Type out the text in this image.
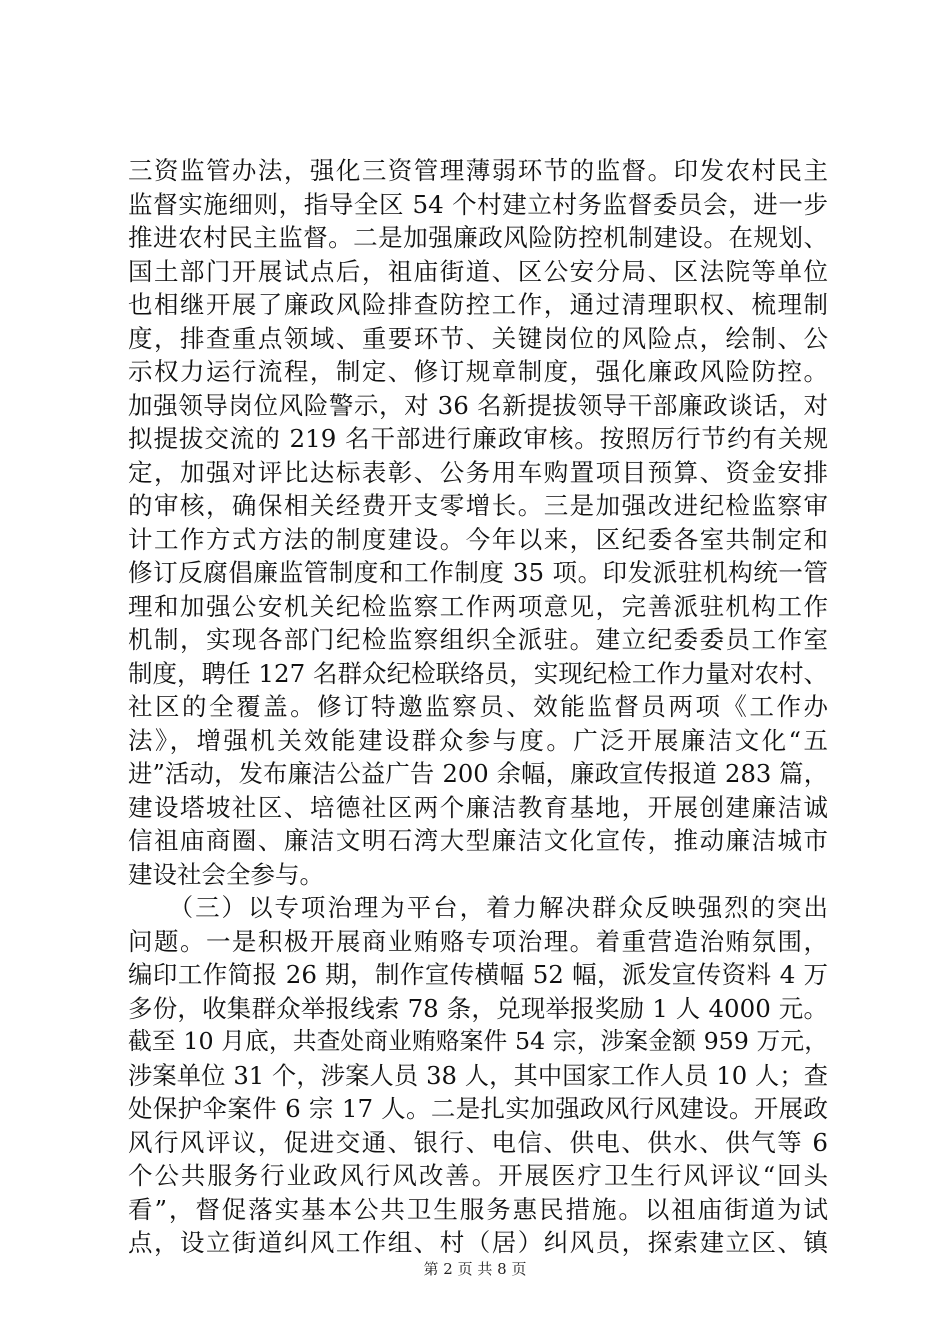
三资监管办法，强化三资管理薄弱环节的监督。印发农村民主
监督实施细则，指导全区 54 个村建立村务监督委员会，进一步
推进农村民主监督。二是加强廉政风险防控机制建设。在规划、
国土部门开展试点后，祖庙街道、区公安分局、区法院等单位
也相继开展了廉政风险排查防控工作，通过清理职权、梳理制
度，排查重点领域、重要环节、关键岗位的风险点，绘制、公
示权力运行流程，制定、修订规章制度，强化廉政风险防控。
加强领导岗位风险警示，对 36 名新提拔领导干部廉政谈话，对
拟提拔交流的 219 名干部进行廉政审核。按照厉行节约有关规
定，加强对评比达标表彰、公务用车购置项目预算、资金安排
的审核，确保相关经费开支零增长。三是加强改进纪检监察审
计工作方式方法的制度建设。今年以来，区纪委各室共制定和
修订反腐倡廉监管制度和工作制度 35 项。印发派驻机构统一管
理和加强公安机关纪检监察工作两项意见，完善派驻机构工作
机制，实现各部门纪检监察组织全派驻。建立纪委委员工作室
制度，聘任 127 名群众纪检联络员，实现纪检工作力量对农村、
社区的全覆盖。修订特邀监察员、效能监督员两项《工作办
法》，增强机关效能建设群众参与度。广泛开展廉洁文化“五
进”活动，发布廉洁公益广告 200 余幅，廉政宣传报道 283 篇，
建设塔坡社区、培德社区两个廉洁教育基地，开展创建廉洁诚
信祖庙商圈、廉洁文明石湾大型廉洁文化宣传，推动廉洁城市
建设社会全参与。
　　（三）以专项治理为平台，着力解决群众反映强烈的突出
问题。一是积极开展商业贿赂专项治理。着重营造治贿氛围，
编印工作简报 26 期，制作宣传横幅 52 幅，派发宣传资料 4 万
多份，收集群众举报线索 78 条，兑现举报奖励 1 人 4000 元。
截至 10 月底，共查处商业贿赂案件 54 宗，涉案金额 959 万元，
涉案单位 31 个，涉案人员 38 人，其中国家工作人员 10 人；查
处保护伞案件 6 宗 17 人。二是扎实加强政风行风建设。开展政
风行风评议，促进交通、银行、电信、供电、供水、供气等 6
个公共服务行业政风行风改善。开展医疗卫生行风评议“回头
看”，督促落实基本公共卫生服务惠民措施。以祖庙街道为试
点，设立街道纠风工作组、村（居）纠风员，探索建立区、镇
第 2 页 共 8 页
